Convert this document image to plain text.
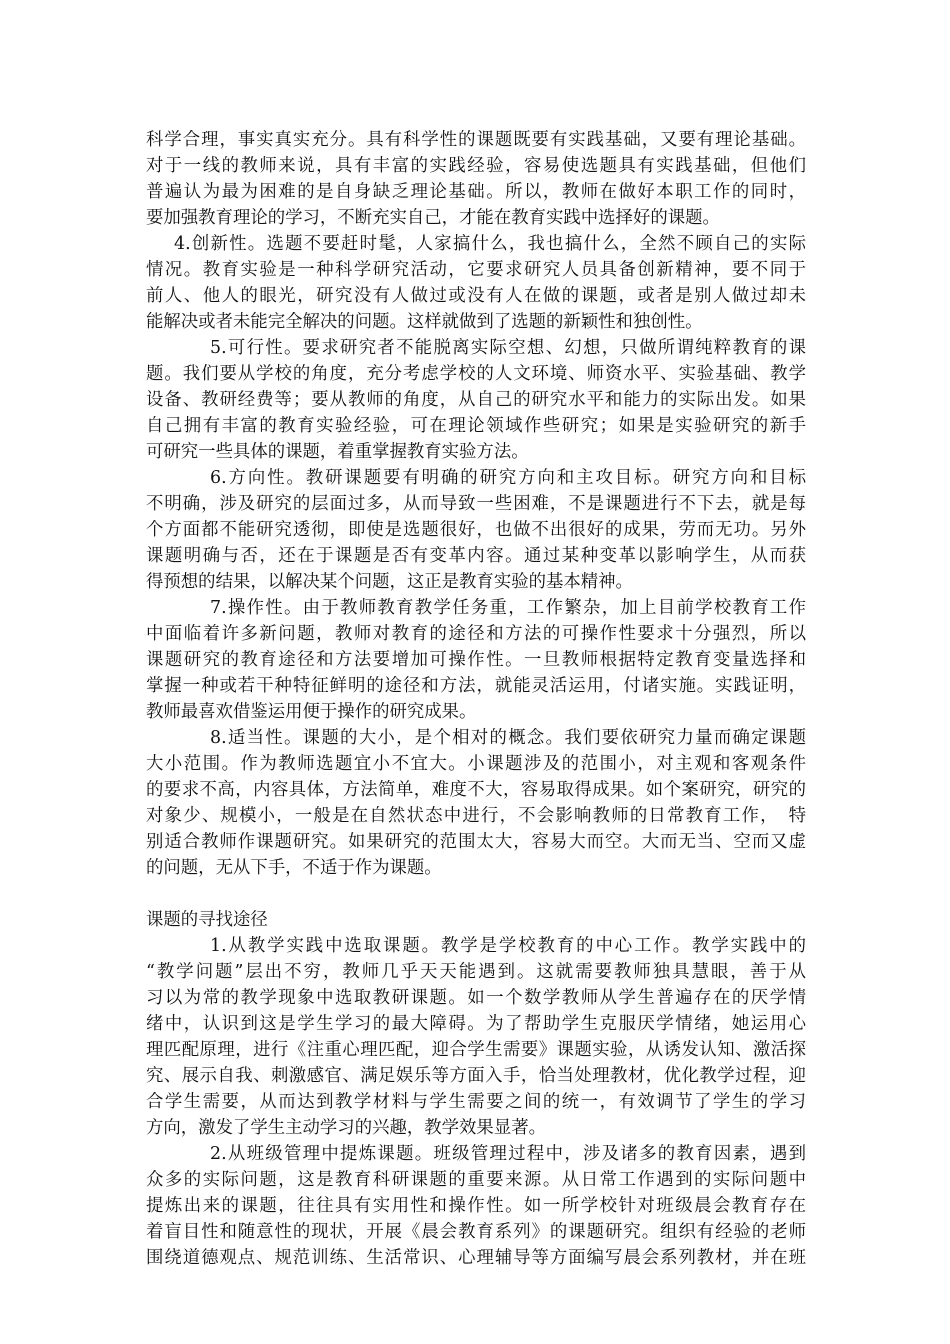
科学合理，事实真实充分。具有科学性的课题既要有实践基础，又要有理论基础。
对于一线的教师来说，具有丰富的实践经验，容易使选题具有实践基础，但他们
普遍认为最为困难的是自身缺乏理论基础。所以，教师在做好本职工作的同时，
要加强教育理论的学习，不断充实自己，才能在教育实践中选择好的课题。
4.创新性。选题不要赶时髦，人家搞什么，我也搞什么，全然不顾自己的实际
情况。教育实验是一种科学研究活动，它要求研究人员具备创新精神，要不同于
前人、他人的眼光，研究没有人做过或没有人在做的课题，或者是别人做过却未
能解决或者未能完全解决的问题。这样就做到了选题的新颖性和独创性。
5.可行性。要求研究者不能脱离实际空想、幻想，只做所谓纯粹教育的课
题。我们要从学校的角度，充分考虑学校的人文环境、师资水平、实验基础、教学
设备、教研经费等；要从教师的角度，从自己的研究水平和能力的实际出发。如果
自己拥有丰富的教育实验经验，可在理论领域作些研究；如果是实验研究的新手
可研究一些具体的课题，着重掌握教育实验方法。
6.方向性。教研课题要有明确的研究方向和主攻目标。研究方向和目标
不明确，涉及研究的层面过多，从而导致一些困难，不是课题进行不下去，就是每
个方面都不能研究透彻，即使是选题很好，也做不出很好的成果，劳而无功。另外
课题明确与否，还在于课题是否有变革内容。通过某种变革以影响学生，从而获
得预想的结果，以解决某个问题，这正是教育实验的基本精神。
7.操作性。由于教师教育教学任务重，工作繁杂，加上目前学校教育工作
中面临着许多新问题，教师对教育的途径和方法的可操作性要求十分强烈，所以
课题研究的教育途径和方法要增加可操作性。一旦教师根据特定教育变量选择和
掌握一种或若干种特征鲜明的途径和方法，就能灵活运用，付诸实施。实践证明，
教师最喜欢借鉴运用便于操作的研究成果。
8.适当性。课题的大小，是个相对的概念。我们要依研究力量而确定课题
大小范围。作为教师选题宜小不宜大。小课题涉及的范围小，对主观和客观条件
的要求不高，内容具体，方法简单，难度不大，容易取得成果。如个案研究，研究的
对象少、规模小，一般是在自然状态中进行，不会影响教师的日常教育工作，　特
别适合教师作课题研究。如果研究的范围太大，容易大而空。大而无当、空而又虚
的问题，无从下手，不适于作为课题。
课题的寻找途径
1.从教学实践中选取课题。教学是学校教育的中心工作。教学实践中的
“教学问题”层出不穷，教师几乎天天能遇到。这就需要教师独具慧眼，善于从
习以为常的教学现象中选取教研课题。如一个数学教师从学生普遍存在的厌学情
绪中，认识到这是学生学习的最大障碍。为了帮助学生克服厌学情绪，她运用心
理匹配原理，进行《注重心理匹配，迎合学生需要》课题实验，从诱发认知、激活探
究、展示自我、刺激感官、满足娱乐等方面入手，恰当处理教材，优化教学过程，迎
合学生需要，从而达到教学材料与学生需要之间的统一，有效调节了学生的学习
方向，激发了学生主动学习的兴趣，教学效果显著。
2.从班级管理中提炼课题。班级管理过程中，涉及诸多的教育因素，遇到
众多的实际问题，这是教育科研课题的重要来源。从日常工作遇到的实际问题中
提炼出来的课题，往往具有实用性和操作性。如一所学校针对班级晨会教育存在
着盲目性和随意性的现状，开展《晨会教育系列》的课题研究。组织有经验的老师
围绕道德观点、规范训练、生活常识、心理辅导等方面编写晨会系列教材，并在班
